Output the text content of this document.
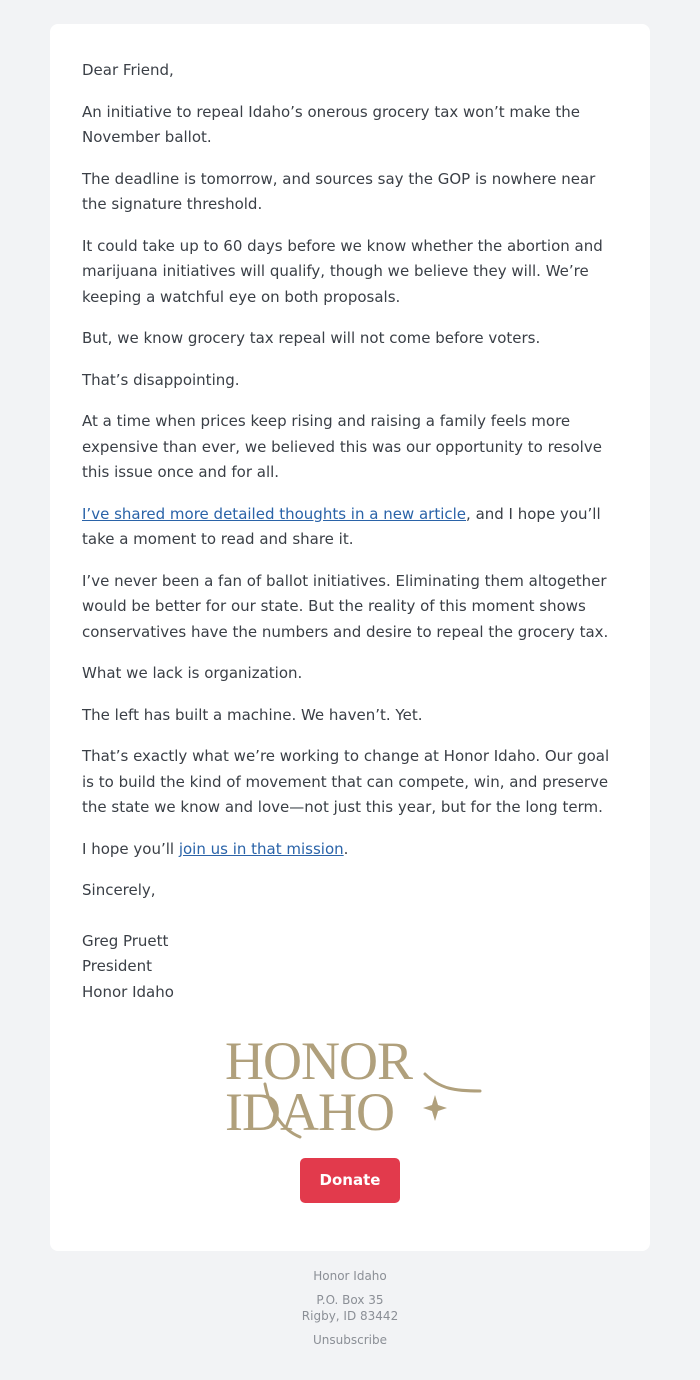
Dear Friend,

An initiative to repeal Idaho’s onerous grocery tax won’t make the November ballot.

The deadline is tomorrow, and sources say the GOP is nowhere near the signature threshold.

It could take up to 60 days before we know whether the abortion and marijuana initiatives will qualify, though we believe they will. We’re keeping a watchful eye on both proposals.

But, we know grocery tax repeal will not come before voters.

That’s disappointing.

At a time when prices keep rising and raising a family feels more expensive than ever, we believed this was our opportunity to resolve this issue once and for all.

I’ve shared more detailed thoughts in a new article, and I hope you’ll take a moment to read and share it.

I’ve never been a fan of ballot initiatives. Eliminating them altogether would be better for our state. But the reality of this moment shows conservatives have the numbers and desire to repeal the grocery tax.

What we lack is organization.

The left has built a machine. We haven’t. Yet.

That’s exactly what we’re working to change at Honor Idaho. Our goal is to build the kind of movement that can compete, win, and preserve the state we know and love—not just this year, but for the long term.

I hope you’ll join us in that mission.

Sincerely,

Greg Pruett

President

Honor Idaho

HONOR
IDAHO
Donate
Honor Idaho
P.O. Box 35
Rigby, ID 83442
Unsubscribe
